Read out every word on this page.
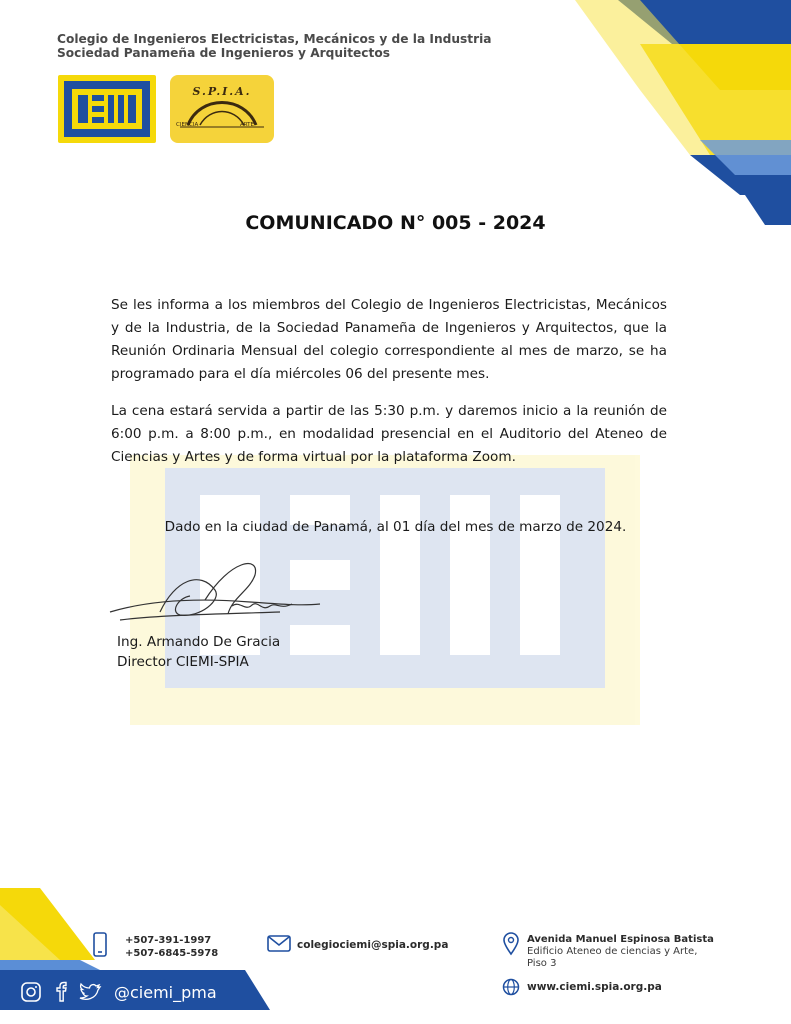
Colegio de Ingenieros Electricistas, Mecánicos y de la Industria
Sociedad Panameña de Ingenieros y Arquitectos
S.P.I.A.
CIENCIA	ARTE
COMUNICADO N° 005 - 2024
Se les informa a los miembros del Colegio de Ingenieros Electricistas, Mecánicos y de la Industria, de la Sociedad Panameña de Ingenieros y Arquitectos, que la Reunión Ordinaria Mensual del colegio correspondiente al mes de marzo, se ha programado para el día miércoles 06 del presente mes.
La cena estará servida a partir de las 5:30 p.m. y daremos inicio a la reunión de 6:00 p.m. a 8:00 p.m., en modalidad presencial en el Auditorio del Ateneo de Ciencias y Artes y de forma virtual por la plataforma Zoom.
Dado en la ciudad de Panamá, al 01 día del mes de marzo de 2024.
Ing. Armando De Gracia
Director CIEMI-SPIA
+507-391-1997
+507-6845-5978
colegiociemi@spia.org.pa	Avenida Manuel Espinosa Batista
Edificio Ateneo de ciencias y Arte,
Piso 3
www.ciemi.spia.org.pa
@ciemi_pma
